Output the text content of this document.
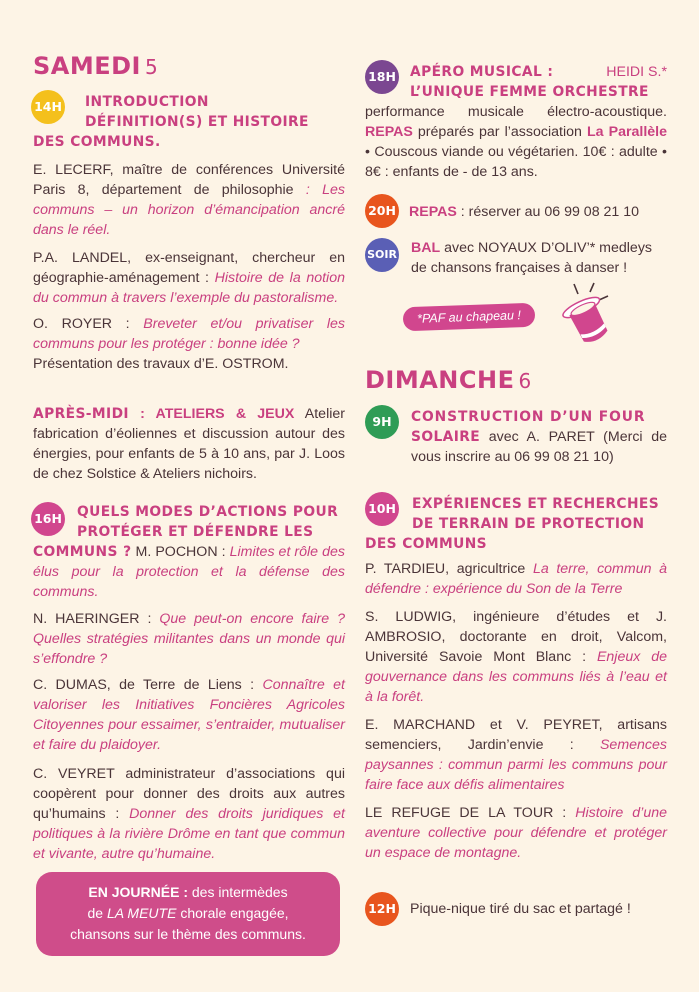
SAMEDI 5
14H	INTRODUCTION
DÉFINITION(S) ET HISTOIRE
DES COMMUNS.

E. LECERF, maître de conférences Université Paris 8, département de philosophie : Les communs – un horizon d’émancipation ancré dans le réel.

P.A. LANDEL, ex-enseignant, chercheur en géographie-aménagement : Histoire de la notion du commun à travers l’exemple du pastoralisme.

O. ROYER : Breveter et/ou privatiser les communs pour les protéger : bonne idée ?
Présentation des travaux d’E. OSTROM.

APRÈS-MIDI : ATELIERS & JEUX Atelier fabrication d’éoliennes et discussion autour des énergies, pour enfants de 5 à 10 ans, par J. Loos de chez Solstice & Ateliers nichoirs.

16H	QUELS MODES D’ACTIONS POUR
PROTÉGER ET DÉFENDRE LES

COMMUNS ? M. POCHON : Limites et rôle des élus pour la protection et la défense des communs.

N. HAERINGER : Que peut-on encore faire ? Quelles stratégies militantes dans un monde qui s’effondre ?

C. DUMAS, de Terre de Liens : Connaître et valoriser les Initiatives Foncières Agricoles Citoyennes pour essaimer, s’entraider, mutualiser et faire du plaidoyer.

C. VEYRET administrateur d’associations qui coopèrent pour donner des droits aux autres qu’humains : Donner des droits juridiques et politiques à la rivière Drôme en tant que commun et vivante, autre qu’humaine.

EN JOURNÉE : des intermèdes
de LA MEUTE chorale engagée,
chansons sur le thème des communs.
18H APÉRO MUSICAL :	HEIDI S.*
L’UNIQUE FEMME ORCHESTRE

performance musicale électro-acoustique. REPAS préparés par l’association La Parallèle • Couscous viande ou végétarien. 10€ : adulte • 8€ : enfants de - de 13 ans.

20H REPAS : réserver au 06 99 08 21 10
SOIR BAL avec NOYAUX D’OLIV’* medleys de chansons françaises à danser !
*PAF au chapeau !
DIMANCHE 6
9H	CONSTRUCTION D’UN FOUR

SOLAIRE avec A. PARET (Merci de vous inscrire au 06 99 08 21 10)

10H	EXPÉRIENCES ET RECHERCHES
DE TERRAIN DE PROTECTION
DES COMMUNS

P. TARDIEU, agricultrice La terre, commun à défendre : expérience du Son de la Terre

S. LUDWIG, ingénieure d’études et J. AMBROSIO, doctorante en droit, Valcom, Université Savoie Mont Blanc : Enjeux de gouvernance dans les communs liés à l’eau et à la forêt.

E. MARCHAND et V. PEYRET, artisans semenciers, Jardin’envie : Semences paysannes : commun parmi les communs pour faire face aux défis alimentaires

LE REFUGE DE LA TOUR : Histoire d’une aventure collective pour défendre et protéger un espace de montagne.

12H Pique-nique tiré du sac et partagé !
